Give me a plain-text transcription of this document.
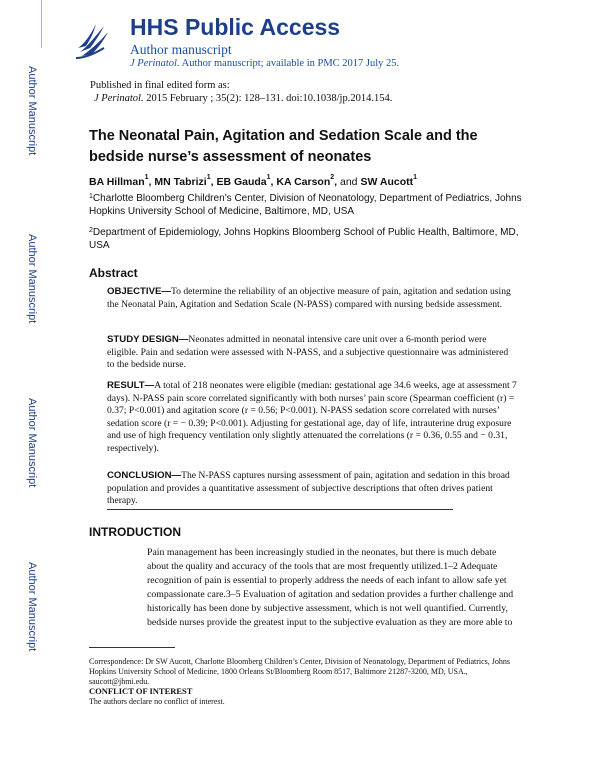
Author Manuscript
Author Manuscript
Author Manuscript
Author Manuscript
HHS Public Access
Author manuscript
J Perinatol. Author manuscript; available in PMC 2017 July 25.
Published in final edited form as:
J Perinatol. 2015 February ; 35(2): 128–131. doi:10.1038/jp.2014.154.
The Neonatal Pain, Agitation and Sedation Scale and the bedside nurse’s assessment of neonates
BA Hillman$^1$, MN Tabrizi$^1$, EB Gauda$^1$, KA Carson$^2$, and SW Aucott$^1$
$^1$Charlotte Bloomberg Children’s Center, Division of Neonatology, Department of Pediatrics, Johns Hopkins University School of Medicine, Baltimore, MD, USA
$^2$Department of Epidemiology, Johns Hopkins Bloomberg School of Public Health, Baltimore, MD, USA
Abstract
OBJECTIVE—To determine the reliability of an objective measure of pain, agitation and sedation using the Neonatal Pain, Agitation and Sedation Scale (N-PASS) compared with nursing bedside assessment.
STUDY DESIGN—Neonates admitted in neonatal intensive care unit over a 6-month period were eligible. Pain and sedation were assessed with N-PASS, and a subjective questionnaire was administered to the bedside nurse.
RESULT—A total of 218 neonates were eligible (median: gestational age 34.6 weeks, age at assessment 7 days). N-PASS pain score correlated significantly with both nurses’ pain score (Spearman coefficient (r) = 0.37; P<0.001) and agitation score (r = 0.56; P<0.001). N-PASS sedation score correlated with nurses’ sedation score (r = − 0.39; P<0.001). Adjusting for gestational age, day of life, intrauterine drug exposure and use of high frequency ventilation only slightly attenuated the correlations (r = 0.36, 0.55 and − 0.31, respectively).
CONCLUSION—The N-PASS captures nursing assessment of pain, agitation and sedation in this broad population and provides a quantitative assessment of subjective descriptions that often drives patient therapy.
INTRODUCTION
Pain management has been increasingly studied in the neonates, but there is much debate about the quality and accuracy of the tools that are most frequently utilized.1–2 Adequate recognition of pain is essential to properly address the needs of each infant to allow safe yet compassionate care.3–5 Evaluation of agitation and sedation provides a further challenge and historically has been done by subjective assessment, which is not well quantified. Currently, bedside nurses provide the greatest input to the subjective evaluation as they are more able to
Correspondence: Dr SW Aucott, Charlotte Bloomberg Children’s Center, Division of Neonatology, Department of Pediatrics, Johns Hopkins University School of Medicine, 1800 Orleans St/Bloomberg Room 8517, Baltimore 21287-3200, MD, USA., saucott@jhmi.edu.
CONFLICT OF INTEREST
The authors declare no conflict of interest.
